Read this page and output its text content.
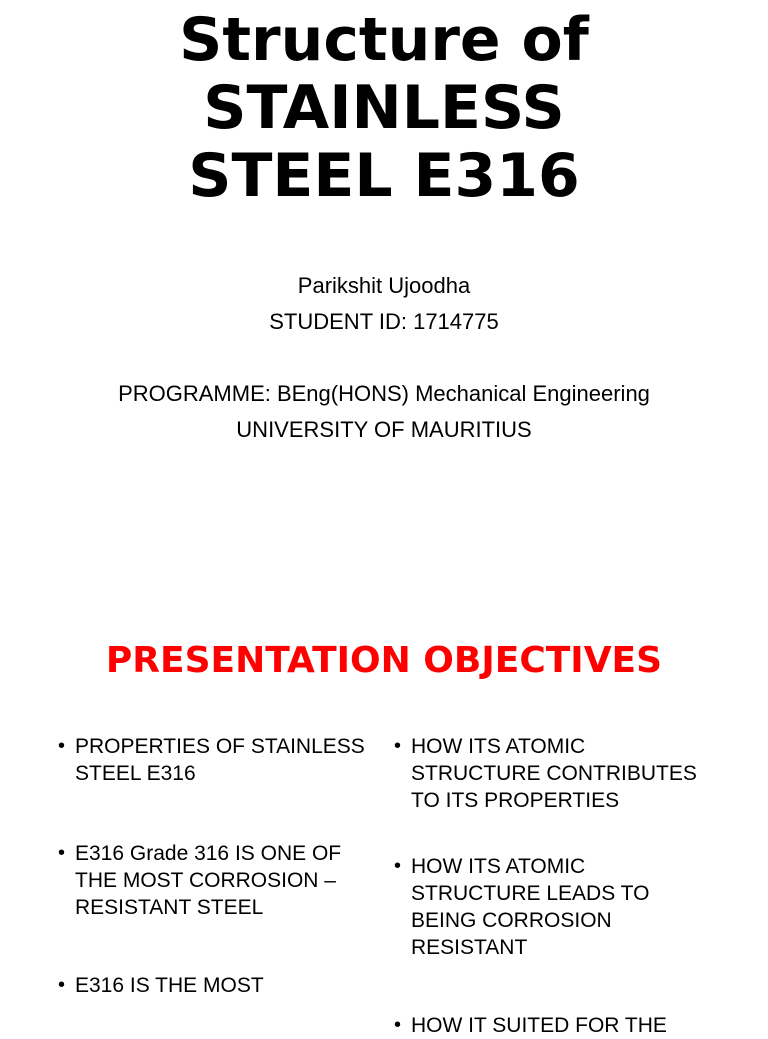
Structure of
STAINLESS
STEEL E316
Parikshit Ujoodha
STUDENT ID: 1714775
PROGRAMME: BEng(HONS) Mechanical Engineering
UNIVERSITY OF MAURITIUS
PRESENTATION OBJECTIVES

• PROPERTIES OF STAINLESS STEEL E316

• E316 Grade 316 IS ONE OF THE MOST CORROSION – RESISTANT STEEL

• E316 IS THE MOST

• HOW ITS ATOMIC STRUCTURE CONTRIBUTES TO ITS PROPERTIES

• HOW ITS ATOMIC STRUCTURE LEADS TO BEING CORROSION RESISTANT

• HOW IT SUITED FOR THE
